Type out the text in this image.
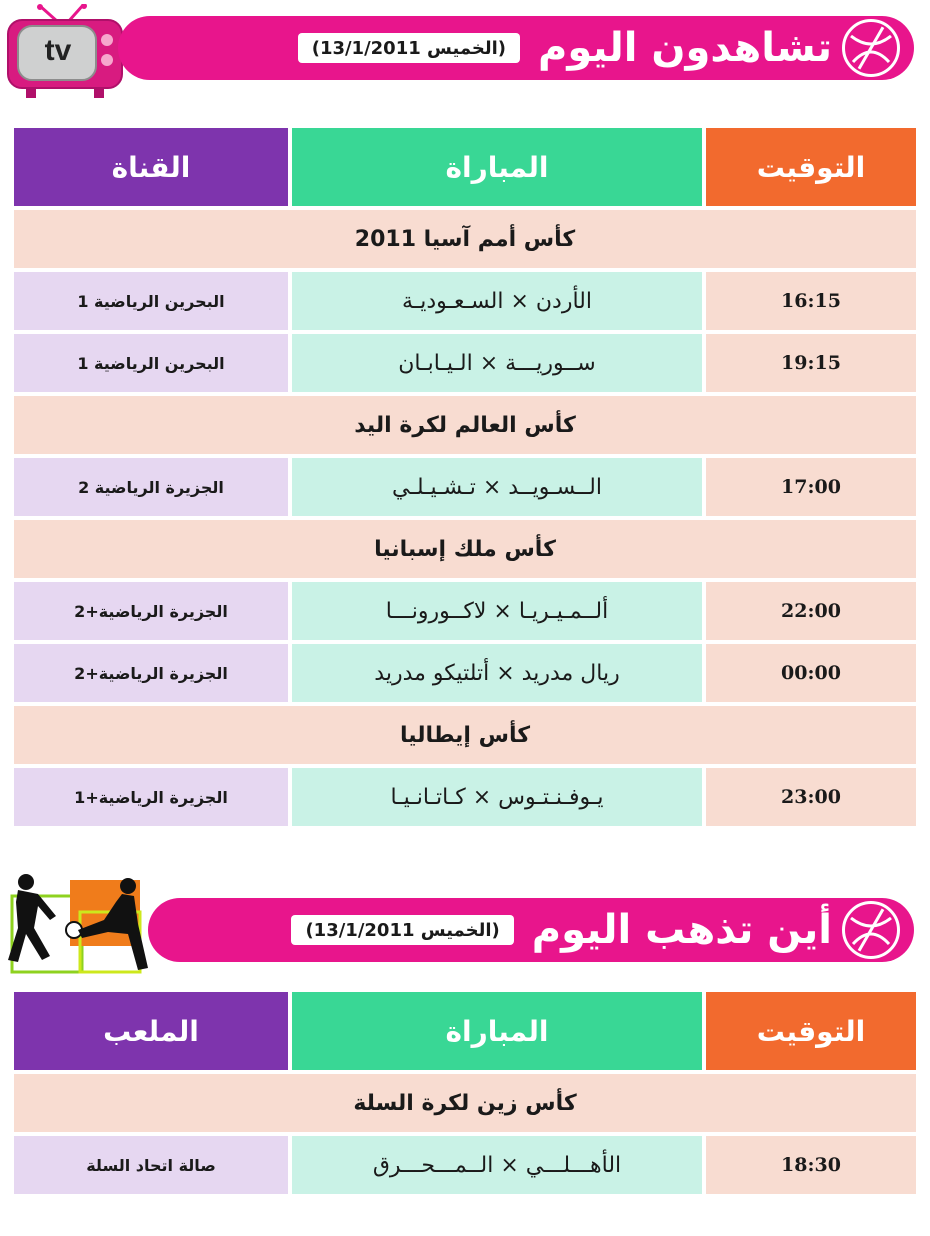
tv	تشاهدون اليوم
(الخميس 13/1/2011)
التوقيت	المباراة	القناة
كأس أمم آسيا 2011		
16:15	الأردن × السـعـوديـة	البحرين الرياضية 1
19:15	ســوريـــة × الـيـابـان	البحرين الرياضية 1
كأس العالم لكرة اليد		
17:00	الــسـويــد × تـشـيـلـي	الجزيرة الرياضية 2
كأس ملك إسبانيا		
22:00	ألــمـيـريـا × لاكــورونـــا	الجزيرة الرياضية+2
00:00	ريال مدريد × أتلتيكو مدريد	الجزيرة الرياضية+2
كأس إيطاليا		
23:00	يـوفـنـتـوس × كـاتـانـيـا	الجزيرة الرياضية+1
أين تذهب اليوم
(الخميس 13/1/2011)
التوقيت	المباراة	الملعب
كأس زين لكرة السلة		
18:30	الأهـــلـــي × الــمـــحـــرق	صالة اتحاد السلة
